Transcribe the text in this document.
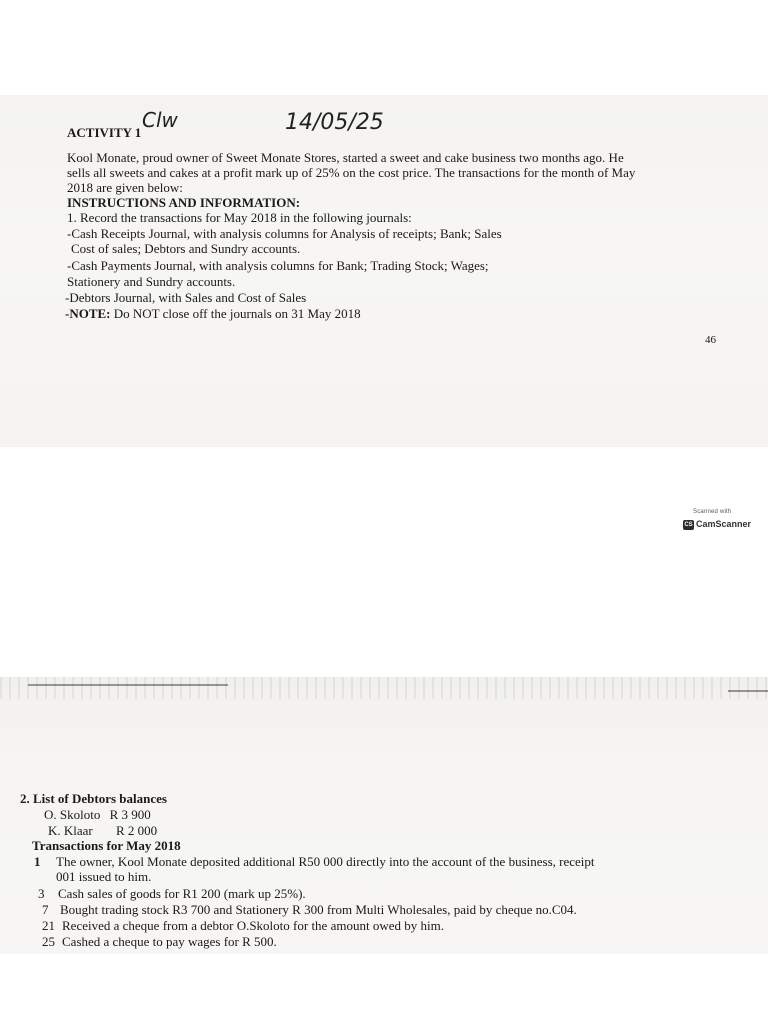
ACTIVITY 1
Clw	14/05/25
Kool Monate, proud owner of Sweet Monate Stores, started a sweet and cake business two months ago. He
sells all sweets and cakes at a profit mark up of 25% on the cost price. The transactions for the month of May
2018 are given below:
INSTRUCTIONS AND INFORMATION:
1. Record the transactions for May 2018 in the following journals:
-Cash Receipts Journal, with analysis columns for Analysis of receipts; Bank; Sales
Cost of sales; Debtors and Sundry accounts.
-Cash Payments Journal, with analysis columns for Bank; Trading Stock; Wages;
Stationery and Sundry accounts.
-Debtors Journal, with Sales and Cost of Sales
-NOTE: Do NOT close off the journals on 31 May 2018
46
Scanned with
CS CamScanner
2. List of Debtors balances
O. Skoloto R 3 900
K. Klaar R 2 000
Transactions for May 2018
1 The owner, Kool Monate deposited additional R50 000 directly into the account of the business, receipt
001 issued to him.
3 Cash sales of goods for R1 200 (mark up 25%).
7 Bought trading stock R3 700 and Stationery R 300 from Multi Wholesales, paid by cheque no.C04.
21 Received a cheque from a debtor O.Skoloto for the amount owed by him.
25 Cashed a cheque to pay wages for R 500.
